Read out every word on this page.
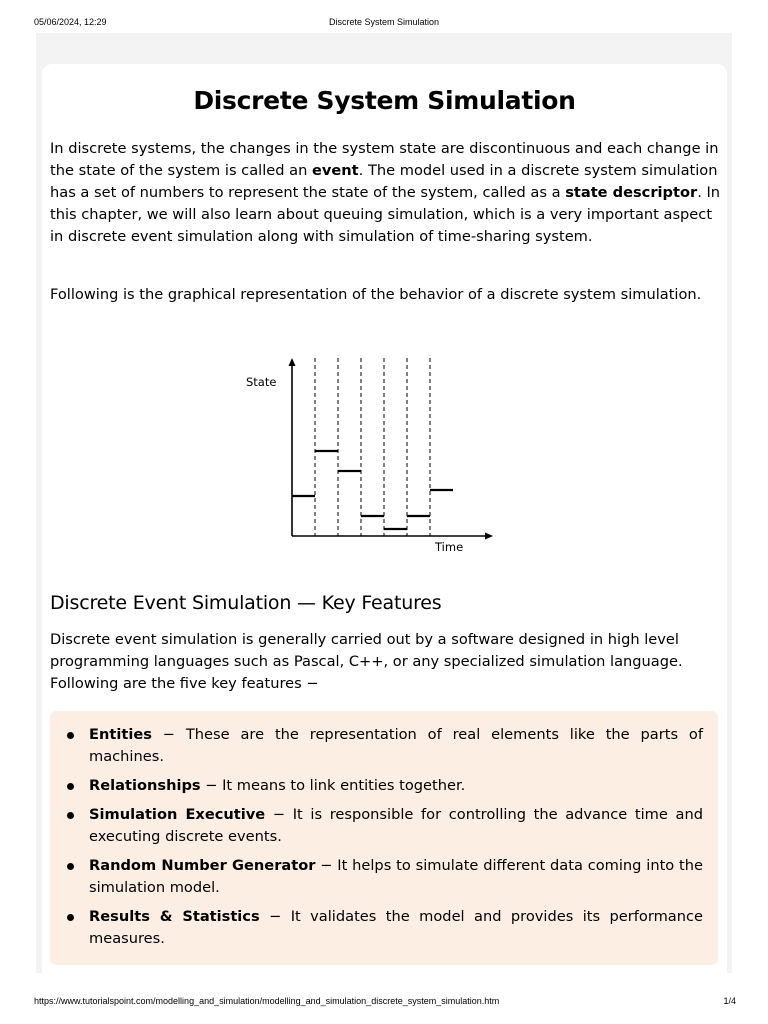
05/06/2024, 12:29	Discrete System Simulation
Discrete System Simulation

In discrete systems, the changes in the system state are discontinuous and each change in the state of the system is called an event. The model used in a discrete system simulation has a set of numbers to represent the state of the system, called as a state descriptor. In this chapter, we will also learn about queuing simulation, which is a very important aspect in discrete event simulation along with simulation of time-sharing system.

Following is the graphical representation of the behavior of a discrete system simulation.

State
Time
Discrete Event Simulation — Key Features

Discrete event simulation is generally carried out by a software designed in high level programming languages such as Pascal, C++, or any specialized simulation language. Following are the five key features −

Entities − These are the representation of real elements like the parts of machines.
Relationships − It means to link entities together.
Simulation Executive − It is responsible for controlling the advance time and executing discrete events.
Random Number Generator − It helps to simulate different data coming into the simulation model.
Results & Statistics − It validates the model and provides its performance measures.
https://www.tutorialspoint.com/modelling_and_simulation/modelling_and_simulation_discrete_system_simulation.htm	1/4
